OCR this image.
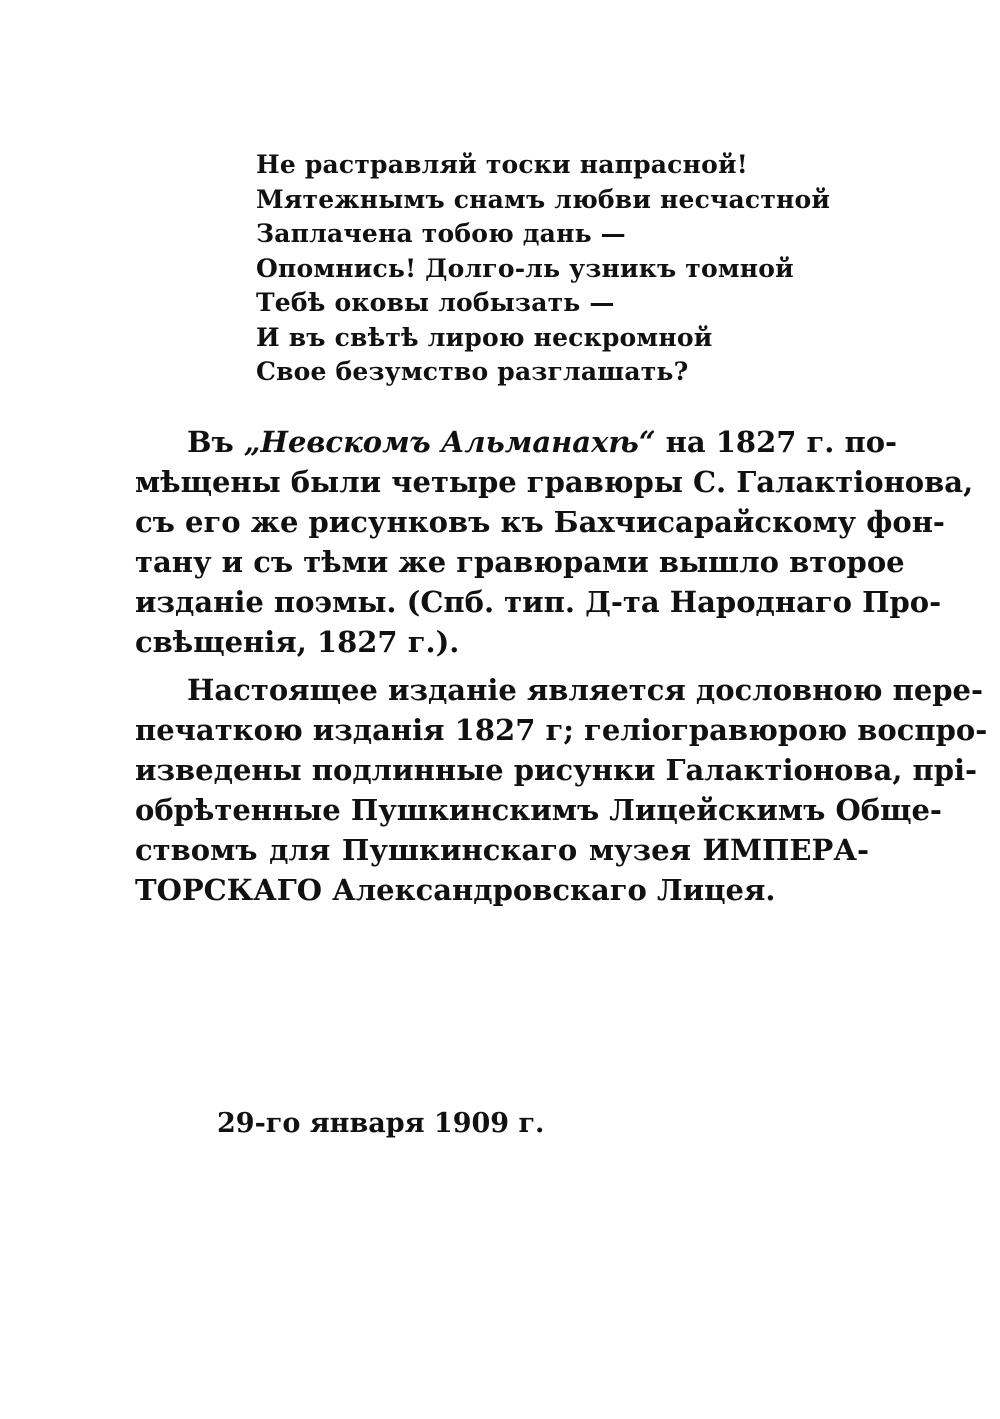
Не растравляй тоски напрасной!
Мятежнымъ снамъ любви несчастной
Заплачена тобою дань —
Опомнись! Долго-ль узникъ томной
Тебѣ оковы лобызать —
И въ свѣтѣ лирою нескромной
Свое безумство разглашать?
Въ „Невскомъ Альманахѣ“ на 1827 г. по-
мѣщены были четыре гравюры С. Галактіонова,
съ его же рисунковъ къ Бахчисарайскому фон-
тану и съ тѣми же гравюрами вышло второе
изданіе поэмы. (Спб. тип. Д-та Народнаго Про-
свѣщенія, 1827 г.).
Настоящее изданіе является дословною пере-
печаткою изданія 1827 г; геліогравюрою воспро-
изведены подлинные рисунки Галактіонова, прі-
обрѣтенные Пушкинскимъ Лицейскимъ Обще-
ствомъ для Пушкинскаго музея ИМПЕРА-
ТОРСКАГО Александровскаго Лицея.
29-го января 1909 г.
